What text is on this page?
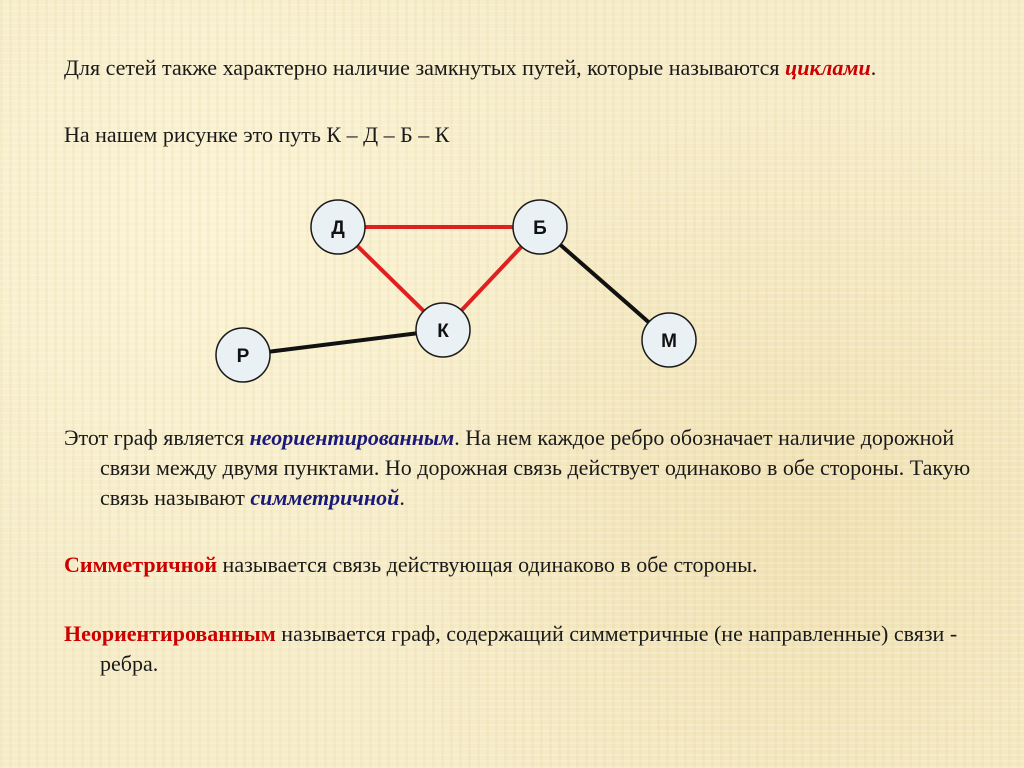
Для сетей также характерно наличие замкнутых путей, которые называются циклами.

На нашем рисунке это путь К – Д – Б – К

Д	Б
К
Р
М

Этот граф является неориентированным. На нем каждое ребро обозначает наличие дорожной связи между двумя пунктами. Но дорожная связь действует одинаково в обе стороны. Такую связь называют симметричной.

Симметричной называется связь действующая одинаково в обе стороны.

Неориентированным называется граф, содержащий симметричные (не направленные) связи - ребра.
